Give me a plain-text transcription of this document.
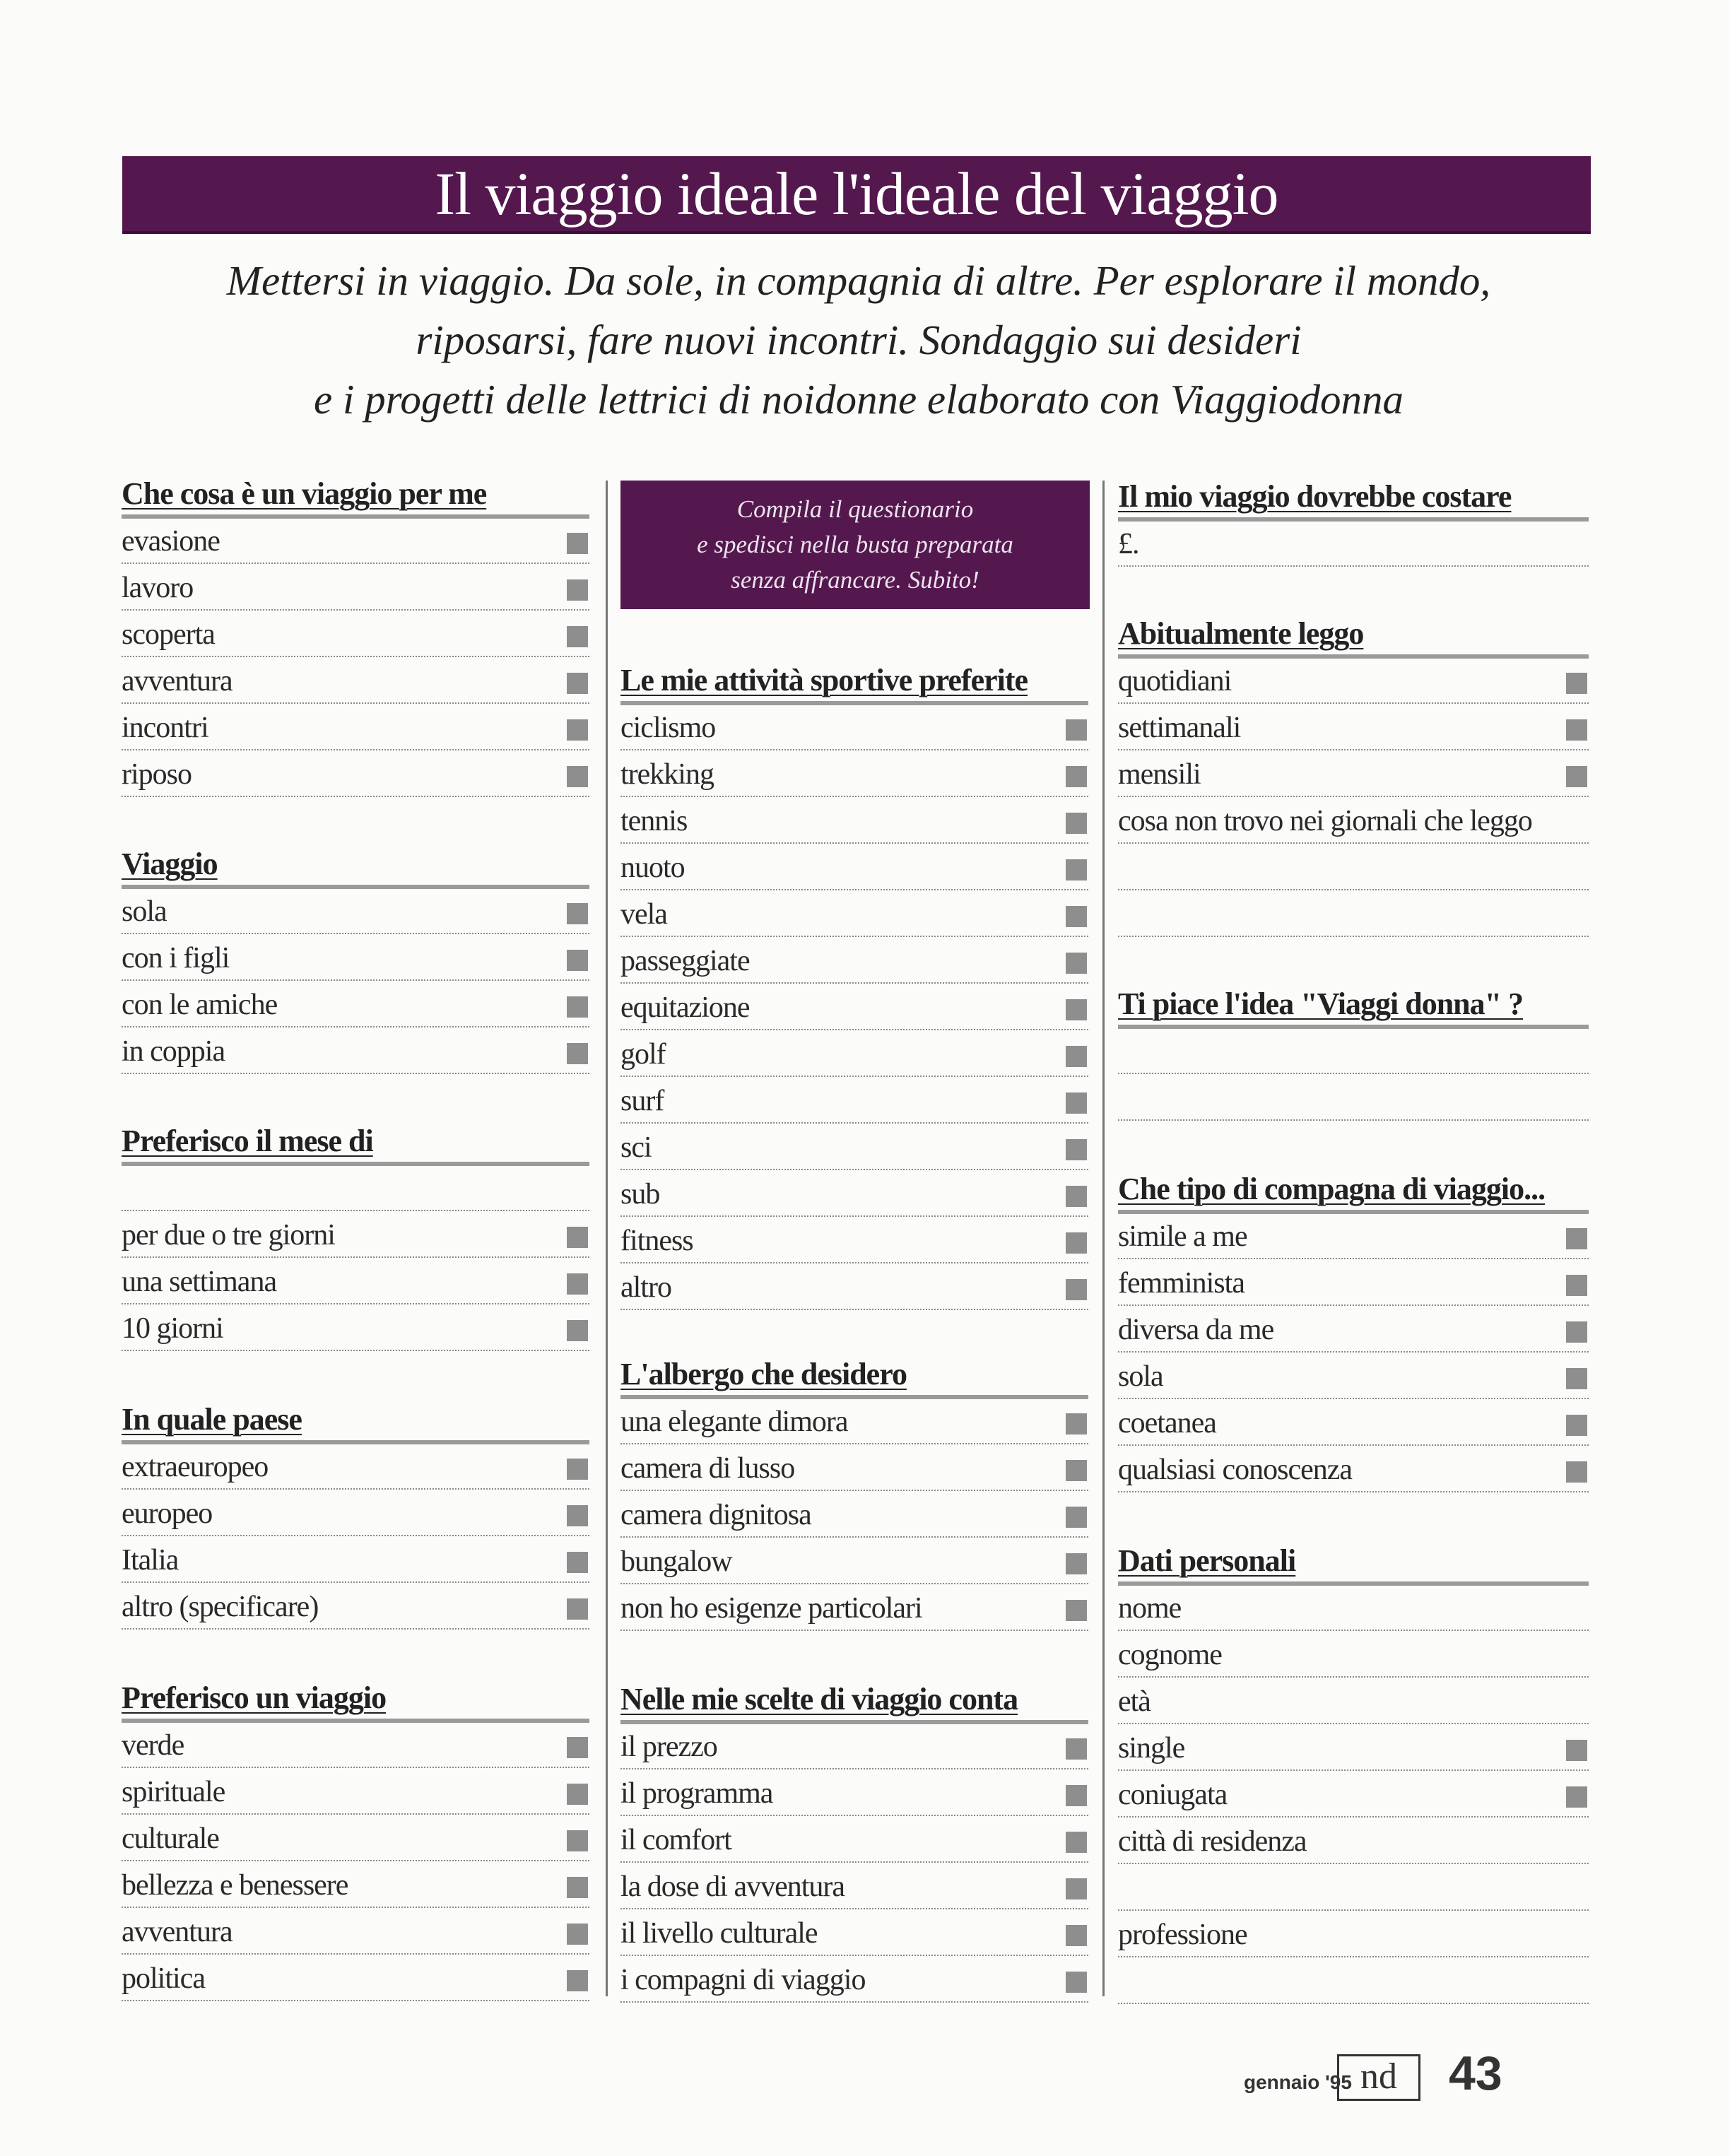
Il viaggio ideale l'ideale del viaggio
Mettersi in viaggio. Da sole, in compagnia di altre. Per esplorare il mondo,
riposarsi, fare nuovi incontri. Sondaggio sui desideri
e i progetti delle lettrici di noidonne elaborato con Viaggiodonna
Compila il questionario
e spedisci nella busta preparata
senza affrancare. Subito!
Che cosa è un viaggio per me
evasione
lavoro
scoperta
avventura
incontri
riposo
Viaggio
sola
con i figli
con le amiche
in coppia
Preferisco il mese di
per due o tre giorni
una settimana
10 giorni
In quale paese
extraeuropeo
europeo
Italia
altro (specificare)
Preferisco un viaggio
verde
spirituale
culturale
bellezza e benessere
avventura
politica
Le mie attività sportive preferite
ciclismo
trekking
tennis
nuoto
vela
passeggiate
equitazione
golf
surf
sci
sub
fitness
altro
L'albergo che desidero
una elegante dimora
camera di lusso
camera dignitosa
bungalow
non ho esigenze particolari
Nelle mie scelte di viaggio conta
il prezzo
il programma
il comfort
la dose di avventura
il livello culturale
i compagni di viaggio
Il mio viaggio dovrebbe costare
£.
Abitualmente leggo
quotidiani
settimanali
mensili
cosa non trovo nei giornali che leggo
Ti piace l'idea "Viaggi donna" ?
Che tipo di compagna di viaggio...
simile a me
femminista
diversa da me
sola
coetanea
qualsiasi conoscenza
Dati personali
nome
cognome
età
single
coniugata
città di residenza
professione
gennaio '95 nd	43
